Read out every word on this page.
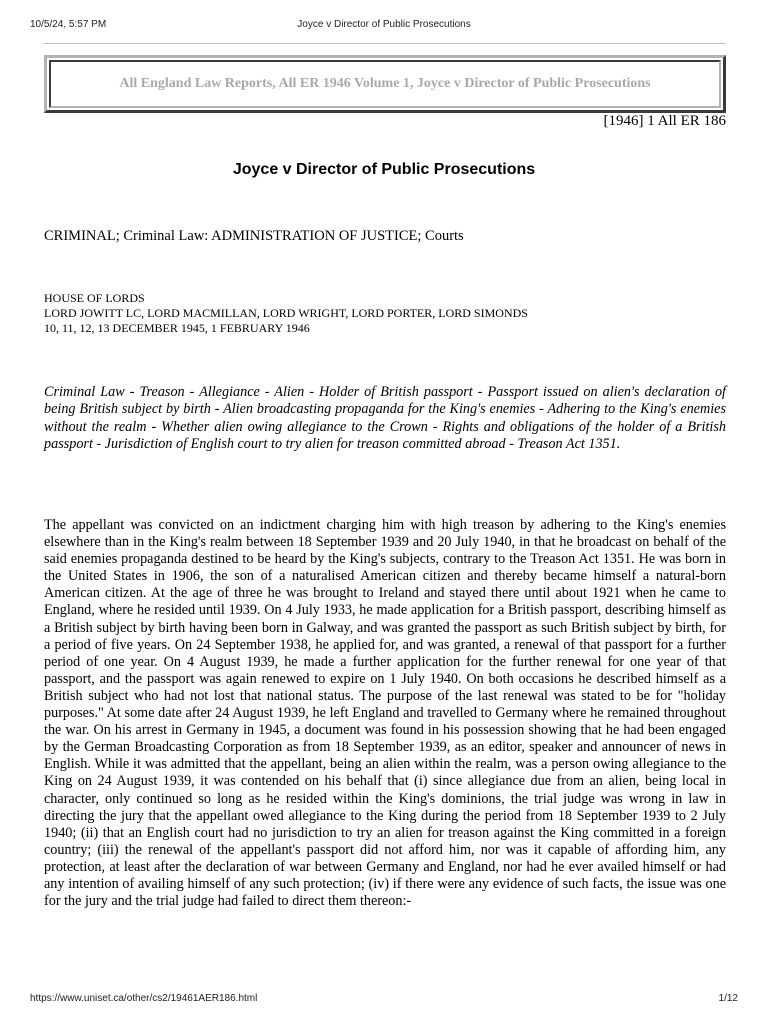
10/5/24, 5:57 PM	Joyce v Director of Public Prosecutions
All England Law Reports, All ER 1946 Volume 1, Joyce v Director of Public Prosecutions
[1946] 1 All ER 186
Joyce v Director of Public Prosecutions
CRIMINAL; Criminal Law: ADMINISTRATION OF JUSTICE; Courts
HOUSE OF LORDS
LORD JOWITT LC, LORD MACMILLAN, LORD WRIGHT, LORD PORTER, LORD SIMONDS
10, 11, 12, 13 DECEMBER 1945, 1 FEBRUARY 1946
Criminal Law - Treason - Allegiance - Alien - Holder of British passport - Passport issued on alien's declaration of being British subject by birth - Alien broadcasting propaganda for the King's enemies - Adhering to the King's enemies without the realm - Whether alien owing allegiance to the Crown - Rights and obligations of the holder of a British passport - Jurisdiction of English court to try alien for treason committed abroad - Treason Act 1351.
The appellant was convicted on an indictment charging him with high treason by adhering to the King's enemies elsewhere than in the King's realm between 18 September 1939 and 20 July 1940, in that he broadcast on behalf of the said enemies propaganda destined to be heard by the King's subjects, contrary to the Treason Act 1351. He was born in the United States in 1906, the son of a naturalised American citizen and thereby became himself a natural-born American citizen. At the age of three he was brought to Ireland and stayed there until about 1921 when he came to England, where he resided until 1939. On 4 July 1933, he made application for a British passport, describing himself as a British subject by birth having been born in Galway, and was granted the passport as such British subject by birth, for a period of five years. On 24 September 1938, he applied for, and was granted, a renewal of that passport for a further period of one year. On 4 August 1939, he made a further application for the further renewal for one year of that passport, and the passport was again renewed to expire on 1 July 1940. On both occasions he described himself as a British subject who had not lost that national status. The purpose of the last renewal was stated to be for "holiday purposes." At some date after 24 August 1939, he left England and travelled to Germany where he remained throughout the war. On his arrest in Germany in 1945, a document was found in his possession showing that he had been engaged by the German Broadcasting Corporation as from 18 September 1939, as an editor, speaker and announcer of news in English. While it was admitted that the appellant, being an alien within the realm, was a person owing allegiance to the King on 24 August 1939, it was contended on his behalf that (i) since allegiance due from an alien, being local in character, only continued so long as he resided within the King's dominions, the trial judge was wrong in law in directing the jury that the appellant owed allegiance to the King during the period from 18 September 1939 to 2 July 1940; (ii) that an English court had no jurisdiction to try an alien for treason against the King committed in a foreign country; (iii) the renewal of the appellant's passport did not afford him, nor was it capable of affording him, any protection, at least after the declaration of war between Germany and England, nor had he ever availed himself or had any intention of availing himself of any such protection; (iv) if there were any evidence of such facts, the issue was one for the jury and the trial judge had failed to direct them thereon:-
https://www.uniset.ca/other/cs2/19461AER186.html	1/12
